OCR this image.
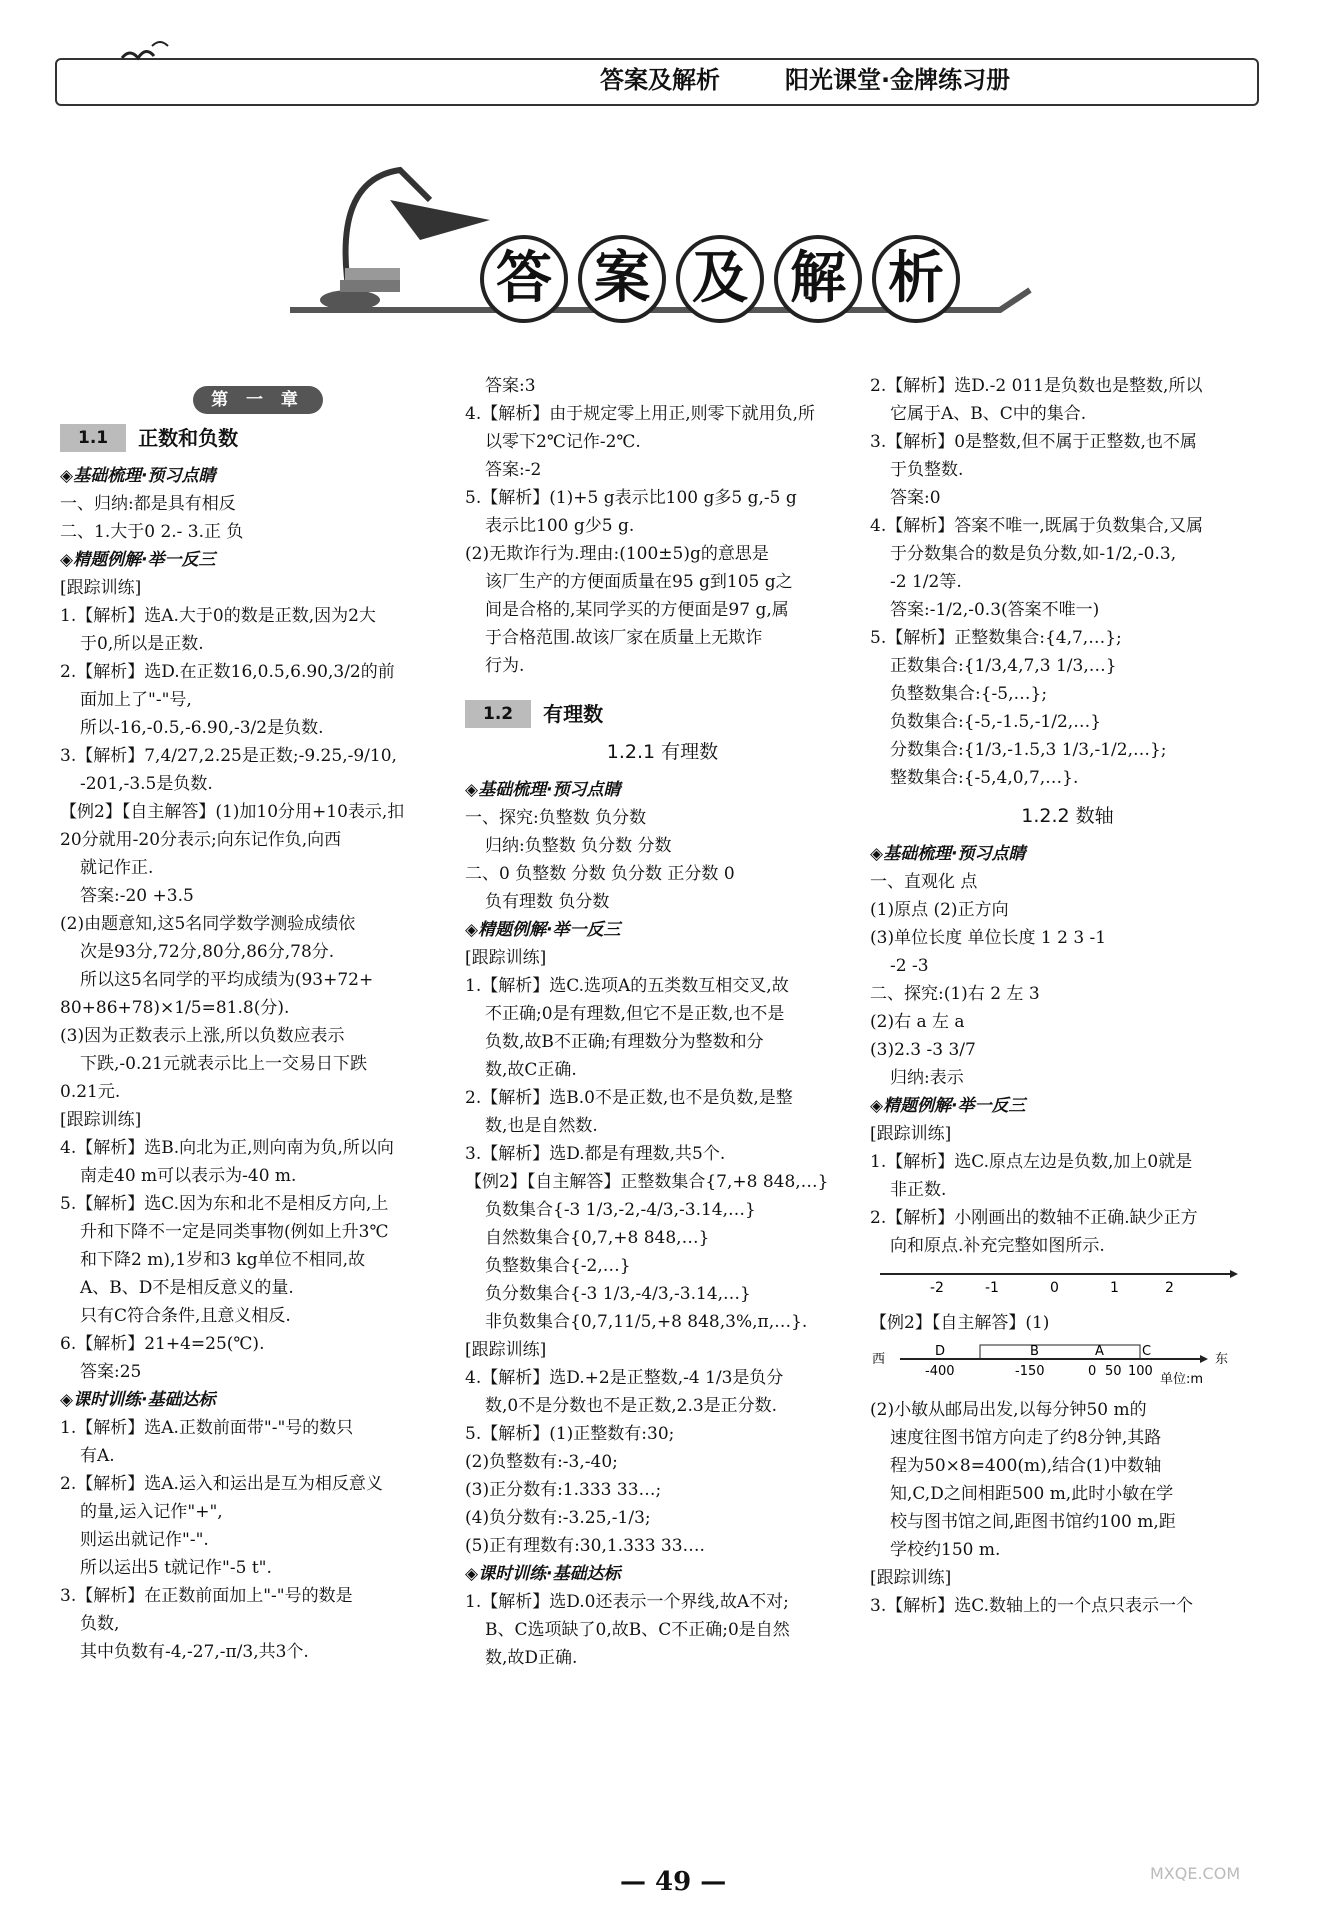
答案及解析	阳光课堂·金牌练习册
答 案 及 解 析
第 一 章
1.1	正数和负数

◈基础梳理·预习点睛

一、归纳:都是具有相反

二、1.大于0 2.- 3.正 负

◈精题例解·举一反三

[跟踪训练]

1.【解析】选A.大于0的数是正数,因为2大

于0,所以是正数.

2.【解析】选D.在正数16,0.5,6.90,3/2的前

面加上了"-"号,

所以-16,-0.5,-6.90,-3/2是负数.

3.【解析】7,4/27,2.25是正数;-9.25,-9/10,

-201,-3.5是负数.

【例2】【自主解答】(1)加10分用+10表示,扣

20分就用-20分表示;向东记作负,向西

就记作正.

答案:-20 +3.5

(2)由题意知,这5名同学数学测验成绩依

次是93分,72分,80分,86分,78分.

所以这5名同学的平均成绩为(93+72+

80+86+78)×1/5=81.8(分).

(3)因为正数表示上涨,所以负数应表示

下跌,-0.21元就表示比上一交易日下跌

0.21元.

[跟踪训练]

4.【解析】选B.向北为正,则向南为负,所以向

南走40 m可以表示为-40 m.

5.【解析】选C.因为东和北不是相反方向,上

升和下降不一定是同类事物(例如上升3℃

和下降2 m),1岁和3 kg单位不相同,故

A、B、D不是相反意义的量.

只有C符合条件,且意义相反.

6.【解析】21+4=25(℃).

答案:25

◈课时训练·基础达标

1.【解析】选A.正数前面带"-"号的数只

有A.

2.【解析】选A.运入和运出是互为相反意义

的量,运入记作"+",

则运出就记作"-".

所以运出5 t就记作"-5 t".

3.【解析】在正数前面加上"-"号的数是

负数,

其中负数有-4,-27,-π/3,共3个.

答案:3

4.【解析】由于规定零上用正,则零下就用负,所

以零下2℃记作-2℃.

答案:-2

5.【解析】(1)+5 g表示比100 g多5 g,-5 g

表示比100 g少5 g.

(2)无欺诈行为.理由:(100±5)g的意思是

该厂生产的方便面质量在95 g到105 g之

间是合格的,某同学买的方便面是97 g,属

于合格范围.故该厂家在质量上无欺诈

行为.

1.2	有理数

1.2.1 有理数

◈基础梳理·预习点睛

一、探究:负整数 负分数

归纳:负整数 负分数 分数

二、0 负整数 分数 负分数 正分数 0

负有理数 负分数

◈精题例解·举一反三

[跟踪训练]

1.【解析】选C.选项A的五类数互相交叉,故

不正确;0是有理数,但它不是正数,也不是

负数,故B不正确;有理数分为整数和分

数,故C正确.

2.【解析】选B.0不是正数,也不是负数,是整

数,也是自然数.

3.【解析】选D.都是有理数,共5个.

【例2】【自主解答】正整数集合{7,+8 848,…}

负数集合{-3 1/3,-2,-4/3,-3.14,…}

自然数集合{0,7,+8 848,…}

负整数集合{-2,…}

负分数集合{-3 1/3,-4/3,-3.14,…}

非负数集合{0,7,11/5,+8 848,3%,π,…}.

[跟踪训练]

4.【解析】选D.+2是正整数,-4 1/3是负分

数,0不是分数也不是正数,2.3是正分数.

5.【解析】(1)正整数有:30;

(2)负整数有:-3,-40;

(3)正分数有:1.333 33…;

(4)负分数有:-3.25,-1/3;

(5)正有理数有:30,1.333 33….

◈课时训练·基础达标

1.【解析】选D.0还表示一个界线,故A不对;

B、C选项缺了0,故B、C不正确;0是自然

数,故D正确.

2.【解析】选D.-2 011是负数也是整数,所以

它属于A、B、C中的集合.

3.【解析】0是整数,但不属于正整数,也不属

于负整数.

答案:0

4.【解析】答案不唯一,既属于负数集合,又属

于分数集合的数是负分数,如-1/2,-0.3,

-2 1/2等.

答案:-1/2,-0.3(答案不唯一)

5.【解析】正整数集合:{4,7,…};

正数集合:{1/3,4,7,3 1/3,…}

负整数集合:{-5,…};

负数集合:{-5,-1.5,-1/2,…}

分数集合:{1/3,-1.5,3 1/3,-1/2,…};

整数集合:{-5,4,0,7,…}.

1.2.2 数轴

◈基础梳理·预习点睛

一、直观化 点

(1)原点 (2)正方向

(3)单位长度 单位长度 1 2 3 -1

-2 -3

二、探究:(1)右 2 左 3

(2)右 a 左 a

(3)2.3 -3 3/7

归纳:表示

◈精题例解·举一反三

[跟踪训练]

1.【解析】选C.原点左边是负数,加上0就是

非正数.

2.【解析】小刚画出的数轴不正确.缺少正方

向和原点.补充完整如图所示.

-2	-1	0	1	2

【例2】【自主解答】(1)

西	东
D	B	A	C
-400	-150	0 50 100
单位:m

(2)小敏从邮局出发,以每分钟50 m的

速度往图书馆方向走了约8分钟,其路

程为50×8=400(m),结合(1)中数轴

知,C,D之间相距500 m,此时小敏在学

校与图书馆之间,距图书馆约100 m,距

学校约150 m.

[跟踪训练]

3.【解析】选C.数轴上的一个点只表示一个

— 49 —	MXQE.COM
